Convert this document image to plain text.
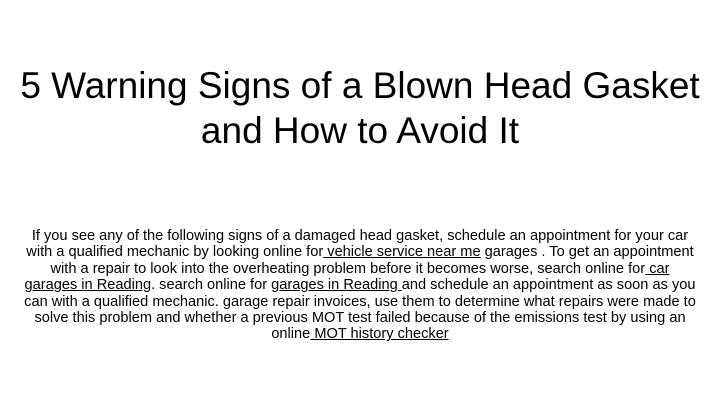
5 Warning Signs of a Blown Head Gasket and How to Avoid It

If you see any of the following signs of a damaged head gasket, schedule an appointment for your car with a qualified mechanic by looking online for vehicle service near me garages . To get an appointment with a repair to look into the overheating problem before it becomes worse, search online for car garages in Reading. search online for garages in Reading and schedule an appointment as soon as you can with a qualified mechanic. garage repair invoices, use them to determine what repairs were made to solve this problem and whether a previous MOT test failed because of the emissions test by using an online MOT history checker
